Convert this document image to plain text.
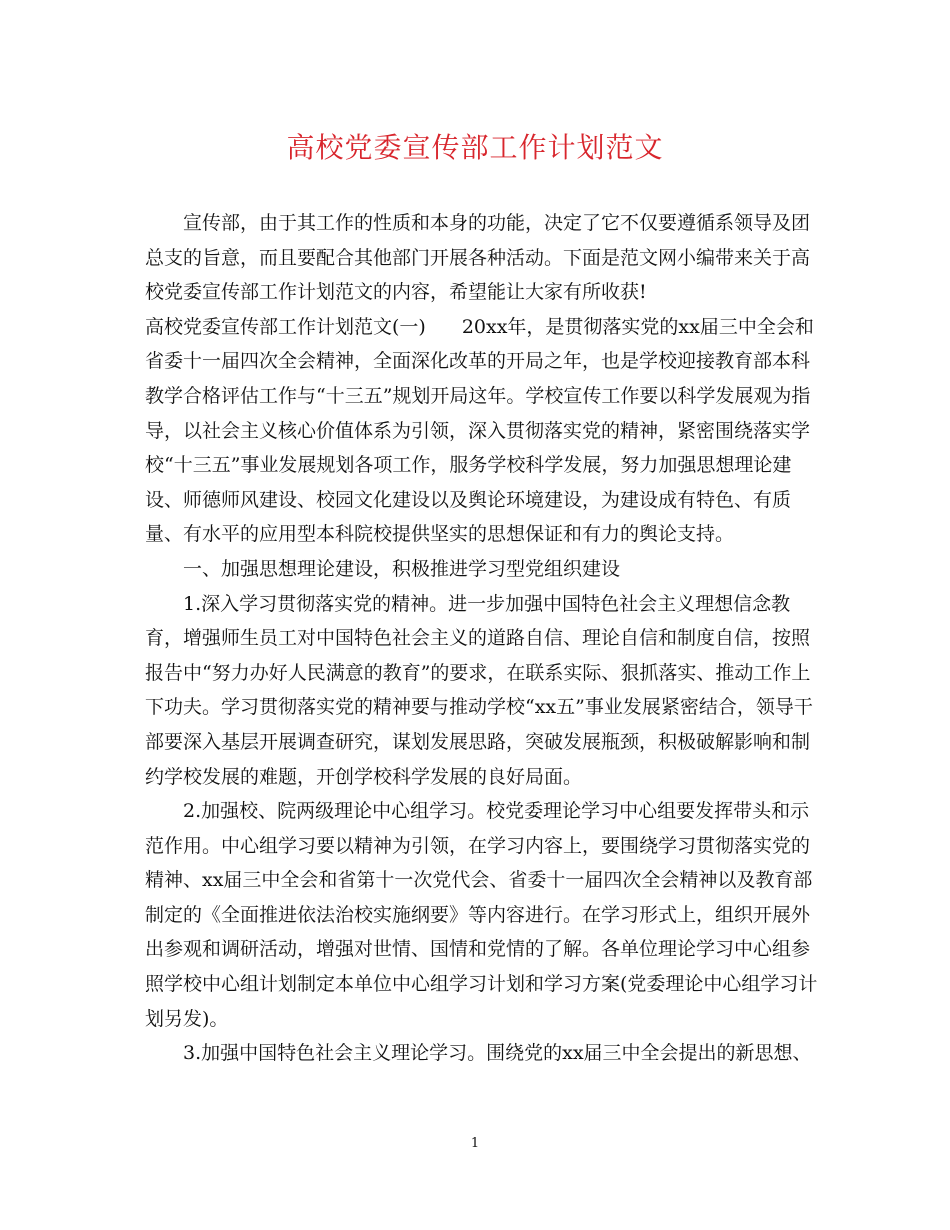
高校党委宣传部工作计划范文
宣传部，由于其工作的性质和本身的功能，决定了它不仅要遵循系领导及团
总支的旨意，而且要配合其他部门开展各种活动。下面是范文网小编带来关于高
校党委宣传部工作计划范文的内容，希望能让大家有所收获!
高校党委宣传部工作计划范文(一) 20xx年，是贯彻落实党的xx届三中全会和
省委十一届四次全会精神，全面深化改革的开局之年，也是学校迎接教育部本科
教学合格评估工作与“十三五”规划开局这年。学校宣传工作要以科学发展观为指
导，以社会主义核心价值体系为引领，深入贯彻落实党的精神，紧密围绕落实学
校“十三五”事业发展规划各项工作，服务学校科学发展，努力加强思想理论建
设、师德师风建设、校园文化建设以及舆论环境建设，为建设成有特色、有质
量、有水平的应用型本科院校提供坚实的思想保证和有力的舆论支持。
一、加强思想理论建设，积极推进学习型党组织建设
1.深入学习贯彻落实党的精神。进一步加强中国特色社会主义理想信念教
育，增强师生员工对中国特色社会主义的道路自信、理论自信和制度自信，按照
报告中“努力办好人民满意的教育”的要求，在联系实际、狠抓落实、推动工作上
下功夫。学习贯彻落实党的精神要与推动学校“xx五”事业发展紧密结合，领导干
部要深入基层开展调查研究，谋划发展思路，突破发展瓶颈，积极破解影响和制
约学校发展的难题，开创学校科学发展的良好局面。
2.加强校、院两级理论中心组学习。校党委理论学习中心组要发挥带头和示
范作用。中心组学习要以精神为引领，在学习内容上，要围绕学习贯彻落实党的
精神、xx届三中全会和省第十一次党代会、省委十一届四次全会精神以及教育部
制定的《全面推进依法治校实施纲要》等内容进行。在学习形式上，组织开展外
出参观和调研活动，增强对世情、国情和党情的了解。各单位理论学习中心组参
照学校中心组计划制定本单位中心组学习计划和学习方案(党委理论中心组学习计
划另发)。
3.加强中国特色社会主义理论学习。围绕党的xx届三中全会提出的新思想、
1
